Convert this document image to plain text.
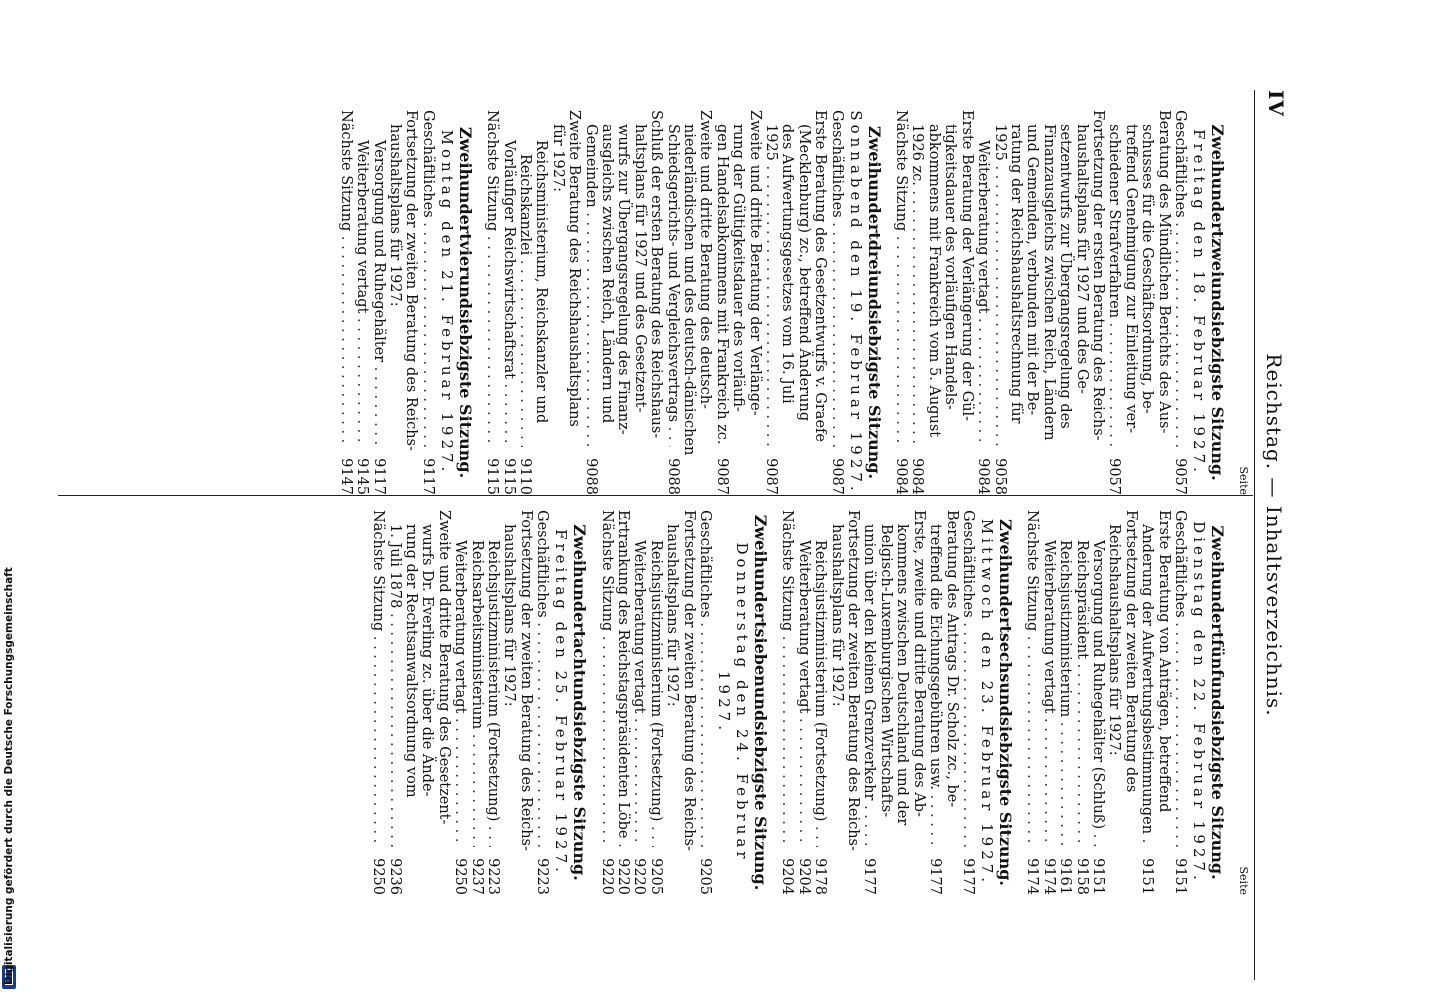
IV
Reichstag. — Inhaltsverzeichnis.
Seite
Zweihundertzweiundsiebzigste Sitzung.
Freitag den 18. Februar 1927.
Geschäftliches . . .
9057
Beratung des Mündlichen Berichts des Aus-
schusses für die Geschäftsordnung, be-
treffend Genehmigung zur Einleitung ver-
schiedener Strafverfahren . . .
9057
Fortsetzung der ersten Beratung des Reichs-
haushaltsplans für 1927 und des Ge-
setzentwurfs zur Übergangsregelung des
Finanzausgleichs zwischen Reich, Ländern
und Gemeinden, verbunden mit der Be-
ratung der Reichshaushaltsrechnung für
1925 . . .
9058
Weiterberatung vertagt . . .
9084
Erste Beratung der Verlängerung der Gül-
tigkeitsdauer des vorläufigen Handels-
abkommens mit Frankreich vom 5. August
1926 zc. . . .
9084
Nächste Sitzung . . .
9084
Zweihundertdreiundsiebzigste Sitzung.
Sonnabend den 19. Februar 1927.
Geschäftliches . . .
9087
Erste Beratung des Gesetzentwurfs v. Graefe
(Mecklenburg) zc., betreffend Änderung
des Aufwertungsgesetzes vom 16. Juli
1925 . . .
9087
Zweite und dritte Beratung der Verlänge-
rung der Gültigkeitsdauer des vorläufi-
gen Handelsabkommens mit Frankreich zc. . . .
9087
Zweite und dritte Beratung des deutsch-
niederländischen und des deutsch-dänischen
Schiedsgerichts- und Vergleichsvertrags . . .
9088
Schluß der ersten Beratung des Reichshaus-
haltsplans für 1927 und des Gesetzent-
wurfs zur Übergangsregelung des Finanz-
ausgleichs zwischen Reich, Ländern und
Gemeinden . . .
9088
Zweite Beratung des Reichshaushaltsplans
für 1927:
Reichsministerium, Reichskanzler und
Reichskanzlei . . .
9110
Vorläufiger Reichswirtschaftsrat . . .
9115
Nächste Sitzung . . .
9115
Zweihundertvierundsiebzigste Sitzung.
Montag den 21. Februar 1927.
Geschäftliches . . .
9117
Fortsetzung der zweiten Beratung des Reichs-
haushaltsplans für 1927:
Versorgung und Ruhegehälter . . .
9117
Weiterberatung vertagt . . .
9145
Nächste Sitzung . . .
9147
Seite
Zweihundertfünfundsiebzigste Sitzung.
Dienstag den 22. Februar 1927.
Geschäftliches . . .
9151
Erste Beratung von Anträgen, betreffend
Änderung der Aufwertungsbestimmungen . . .
9151
Fortsetzung der zweiten Beratung des
Reichshaushaltsplans für 1927:
Versorgung und Ruhegehälter (Schluß) . . .
9151
Reichspräsident . . .
9158
Reichsjustizministerium . . .
9161
Weiterberatung vertagt . . .
9174
Nächste Sitzung . . .
9174
Zweihundertsechsundsiebzigste Sitzung.
Mittwoch den 23. Februar 1927.
Geschäftliches . . .
9177
Beratung des Antrags Dr. Scholz zc., be-
treffend die Eichungsgebühren usw. . . .
9177
Erste, zweite und dritte Beratung des Ab-
kommens zwischen Deutschland und der
Belgisch-Luxemburgischen Wirtschafts-
union über den kleinen Grenzverkehr . . .
9177
Fortsetzung der zweiten Beratung des Reichs-
haushaltsplans für 1927:
Reichsjustizministerium (Fortsetzung) . . .
9178
Weiterberatung vertagt . . .
9204
Nächste Sitzung . . .
9204
Zweihundertsiebenundsiebzigste Sitzung.
Donnerstag den 24. Februar 1927.
Geschäftliches . . .
9205
Fortsetzung der zweiten Beratung des Reichs-
haushaltsplans für 1927:
Reichsjustizministerium (Fortsetzung) . . .
9205
Weiterberatung vertagt . . .
9220
Ertrankung des Reichstagspräsidenten Löbe . . .
9220
Nächste Sitzung . . .
9220
Zweihundertachtundsiebzigste Sitzung.
Freitag den 25. Februar 1927.
Geschäftliches . . .
9223
Fortsetzung der zweiten Beratung des Reichs-
haushaltsplans für 1927:
Reichsjustizministerium (Fortsetzung) . . .
9223
Reichsarbeitsministerium . . .
9237
Weiterberatung vertagt . . .
9250
Zweite und dritte Beratung des Gesetzent-
wurfs Dr. Everling zc. über die Ände-
rung der Rechtsanwaltsordnung vom
1. Juli 1878 . . .
9236
Nächste Sitzung . . .
9250
Digitalisierung gefördert durch die Deutsche Forschungsgemeinschaft
